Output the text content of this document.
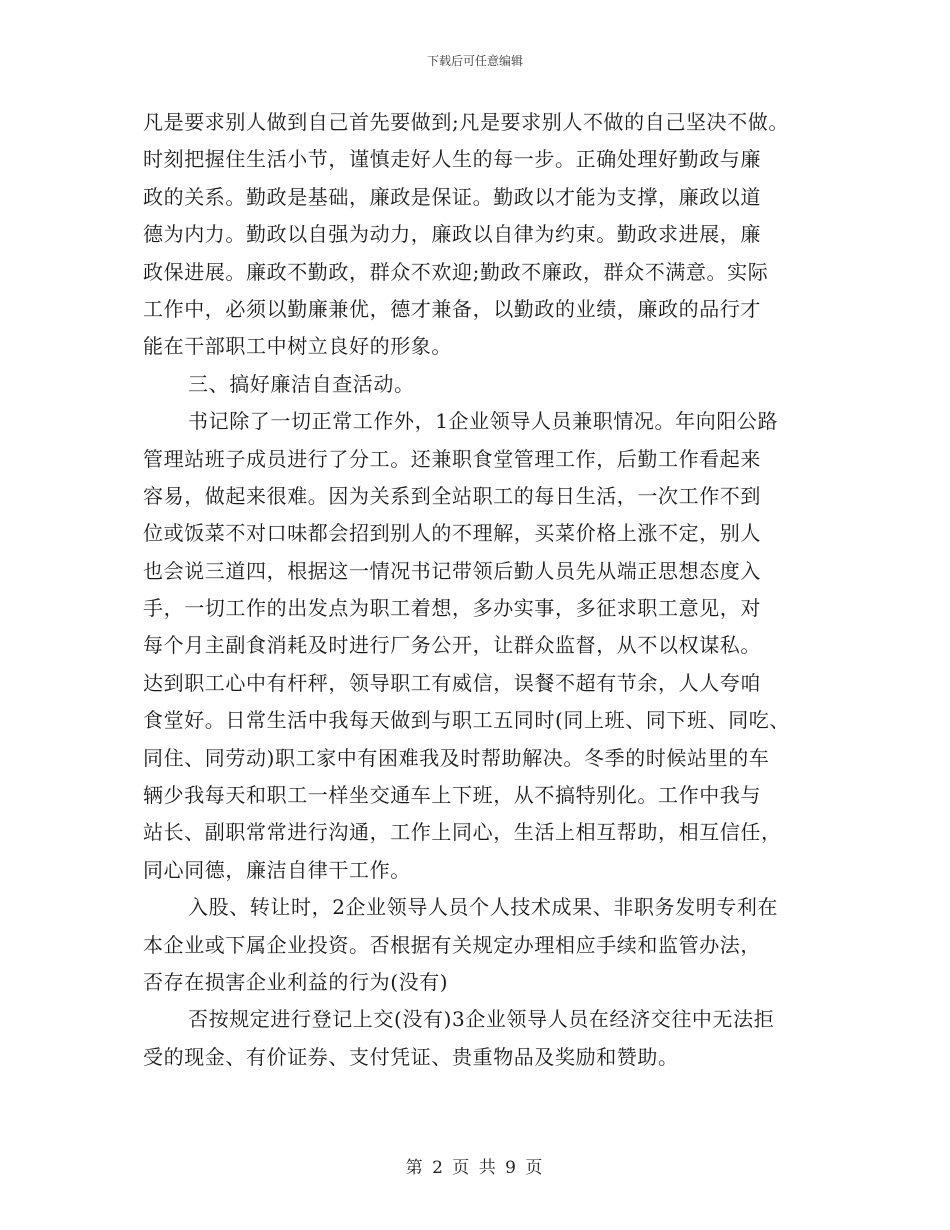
下载后可任意编辑
凡是要求别人做到自己首先要做到;凡是要求别人不做的自己坚决不做。
时刻把握住生活小节，谨慎走好人生的每一步。正确处理好勤政与廉
政的关系。勤政是基础，廉政是保证。勤政以才能为支撑，廉政以道
德为内力。勤政以自强为动力，廉政以自律为约束。勤政求进展，廉
政保进展。廉政不勤政，群众不欢迎;勤政不廉政，群众不满意。实际
工作中，必须以勤廉兼优，德才兼备，以勤政的业绩，廉政的品行才
能在干部职工中树立良好的形象。
三、搞好廉洁自查活动。
书记除了一切正常工作外，1企业领导人员兼职情况。年向阳公路
管理站班子成员进行了分工。还兼职食堂管理工作，后勤工作看起来
容易，做起来很难。因为关系到全站职工的每日生活，一次工作不到
位或饭菜不对口味都会招到别人的不理解，买菜价格上涨不定，别人
也会说三道四，根据这一情况书记带领后勤人员先从端正思想态度入
手，一切工作的出发点为职工着想，多办实事，多征求职工意见，对
每个月主副食消耗及时进行厂务公开，让群众监督，从不以权谋私。
达到职工心中有杆秤，领导职工有威信，误餐不超有节余，人人夸咱
食堂好。日常生活中我每天做到与职工五同时(同上班、同下班、同吃、
同住、同劳动)职工家中有困难我及时帮助解决。冬季的时候站里的车
辆少我每天和职工一样坐交通车上下班，从不搞特别化。工作中我与
站长、副职常常进行沟通，工作上同心，生活上相互帮助，相互信任，
同心同德，廉洁自律干工作。
入股、转让时，2企业领导人员个人技术成果、非职务发明专利在
本企业或下属企业投资。否根据有关规定办理相应手续和监管办法，
否存在损害企业利益的行为(没有)
否按规定进行登记上交(没有)3企业领导人员在经济交往中无法拒
受的现金、有价证券、支付凭证、贵重物品及奖励和赞助。
第 2 页 共 9 页
